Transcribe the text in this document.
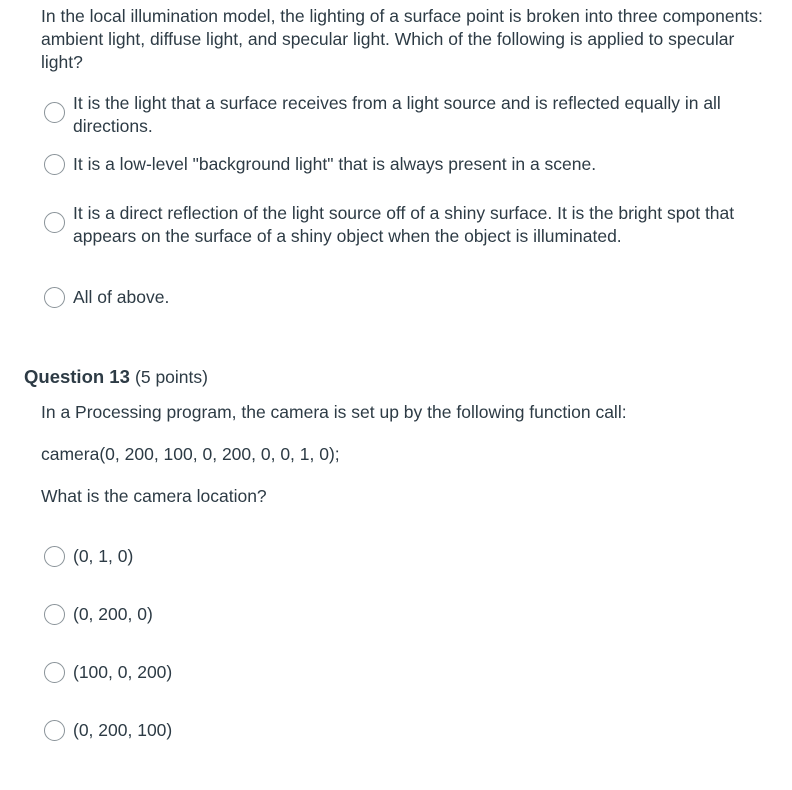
In the local illumination model, the lighting of a surface point is broken into three components: ambient light, diffuse light, and specular light. Which of the following is applied to specular light?

It is the light that a surface receives from a light source and is reflected equally in all directions.
It is a low-level "background light" that is always present in a scene.
It is a direct reflection of the light source off of a shiny surface. It is the bright spot that appears on the surface of a shiny object when the object is illuminated.
All of above.

Question 13 (5 points)

In a Processing program, the camera is set up by the following function call:

camera(0, 200, 100, 0, 200, 0, 0, 1, 0);

What is the camera location?

(0, 1, 0)
(0, 200, 0)
(100, 0, 200)
(0, 200, 100)
